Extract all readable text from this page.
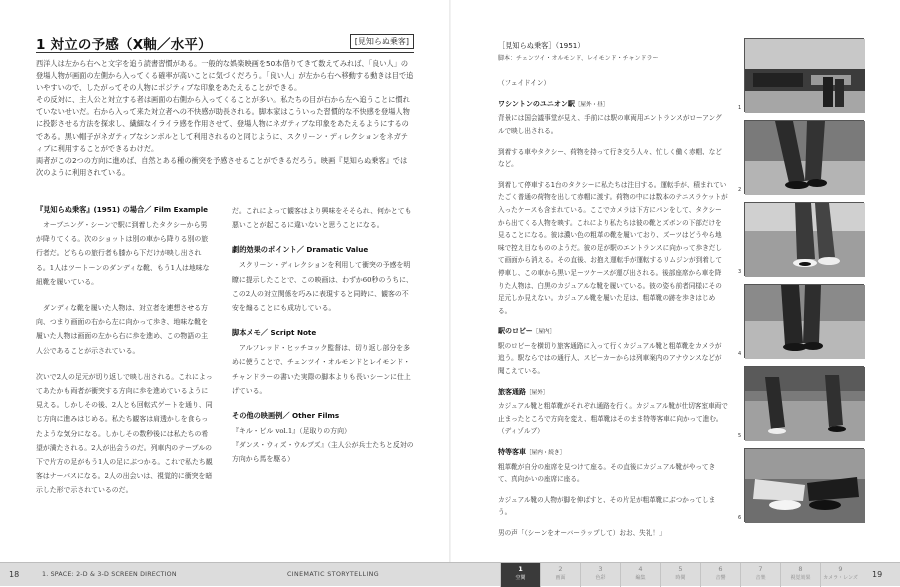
1 対立の予感（X軸／水平）	[見知らぬ乗客]

西洋人は左から右へと文字を追う読書習慣がある。一般的な娯楽映画を50本借りてきて数えてみれば、「良い人」の登場人物が画面の左側から入ってくる確率が高いことに気づくだろう。「良い人」が左から右へ移動する動きは目で追いやすいので、したがってその人物にポジティブな印象をあたえることができる。

その反対に、主人公と対立する者は画面の右側から入ってくることが多い。私たちの目が右から左へ追うことに慣れていないせいだ。右から入って来た対立者への不快感が助長される。脚本家はこういった習慣的な不快感を登場人物に投影させる方法を探求し、繊細なイライラ感を作用させて、登場人物にネガティブな印象をあたえるようにするのである。黒い帽子がネガティブなシンボルとして利用されるのと同じように、スクリーン・ディレクションをネガティブに利用することができるわけだ。

両者がこの2つの方向に進めば、自然とある種の衝突を予感させることができるだろう。映画『見知らぬ乗客』では次のように利用されている。

『見知らぬ乗客』(1951) の場合／ Film Example

オープニング・シーンで駅に到着したタクシーから男が降りてくる。次のショットは別の車から降りる別の旅行者だ。どちらの旅行者も膝から下だけが映し出される。1人はツートーンのダンディな靴、もう1人は地味な紐靴を履いている。

ダンディな靴を履いた人物は、対立者を連想させる方向、つまり画面の右から左に向かって歩き、地味な靴を履いた人物は画面の左から右に歩を進め、この物語の主人公であることが示されている。

次いで2人の足元が切り返しで映し出される。これによってあたかも両者が衝突する方向に歩を進めているように見える。しかしその後、2人とも回転式ゲートを通り、同じ方向に進みはじめる。私たち観客は肩透かしを食らったような気分になる。しかしその数秒後には私たちの希望が満たされる。2人が出会うのだ。列車内のテーブルの下で片方の足がもう1人の足にぶつかる。これで私たち観客はナーバスになる。2人の出会いは、視覚的に衝突を暗示した形で示されているのだ。

だ。これによって観客はより興味をそそられ、何かとても悪いことが起こるに違いないと思うことになる。

劇的効果のポイント／ Dramatic Value

スクリーン・ディレクションを利用して衝突の予感を明瞭に提示したことで、この映画は、わずか60秒のうちに、この2人の対立関係を巧みに表現すると同時に、観客の不安を煽ることにも成功している。

脚本メモ／ Script Note

アルフレッド・ヒッチコック監督は、切り返し部分を多めに使うことで、チェンツイ・オルモンドとレイモンド・チャンドラーの書いた実際の脚本よりも長いシーンに仕上げている。

その他の映画例／ Other Films
『キル・ビル vol.1』（足取りの方向）
『ダンス・ウィズ・ウルブズ』（主人公が兵士たちと反対の方向から馬を駆る）
［見知らぬ乗客］（1951）
脚本：チェンツイ・オルモンド、レイモンド・チャンドラー

（フェイドイン）

ワシントンのユニオン駅［屋外・昼］

背景には国会議事堂が見え、手前には駅の車両用エントランスがローアングルで映し出される。

到着する車やタクシー、荷物を持って行き交う人々、忙しく働く赤帽、などなど。

到着して停車する1台のタクシーに私たちは注目する。運転手が、積まれていたごく普通の荷物を出して赤帽に渡す。荷物の中には数本のテニスラケットが入ったケースも含まれている。ここでカメラは下方にパンをして、タクシーから出てくる人物を映す。これにより私たちは彼の靴とズボンの下部だけを見ることになる。彼は濃い色の粗革の靴を履いており、ズーツはどうやら地味で控え目なもののようだ。彼の足が駅のエントランスに向かって歩きだして画面から消える。その直後、お抱え運転手が運転するリムジンが到着して停車し、この車から黒い足ーツケースが運び出される。後部座席から車を降りた人物は、白黒のカジュアルな靴を履いている。彼の姿も前者同様にその足元しか見えない。カジュアル靴を履いた足は、粗革靴の跡を歩きはじめる。

駅のロビー［屋内］

駅のロビーを横切り旅客通路に入って行くカジュアル靴と粗革靴をカメラが追う。駅ならではの通行人、スピーカーからは列車案内のアナウンスなどが聞こえている。

旅客通路［屋外］

カジュアル靴と粗革靴がそれぞれ通路を行く。カジュアル靴が仕切客室車両で止まったところで方向を変え、粗革靴はそのまま特等客車に向かって進む。（ディゾルブ）

特等客車［屋内・続き］

粗革靴が自分の座席を見つけて座る。その直後にカジュアル靴がやってきて、真向かいの座席に座る。

カジュアル靴の人物が脚を伸ばすと、その片足が粗革靴にぶつかってしまう。

男の声「（シーンをオーバーラップして）おお、失礼！」
1
2
3
4
5
6
18	1. SPACE: 2-D & 3-D SCREEN DIRECTION	CINEMATIC STORYTELLING
1
空間
2
画面
3
色彩
4
編集
5
時間
6
音響
7
音楽
8
視覚効果
9
カメラ・レンズ 19
